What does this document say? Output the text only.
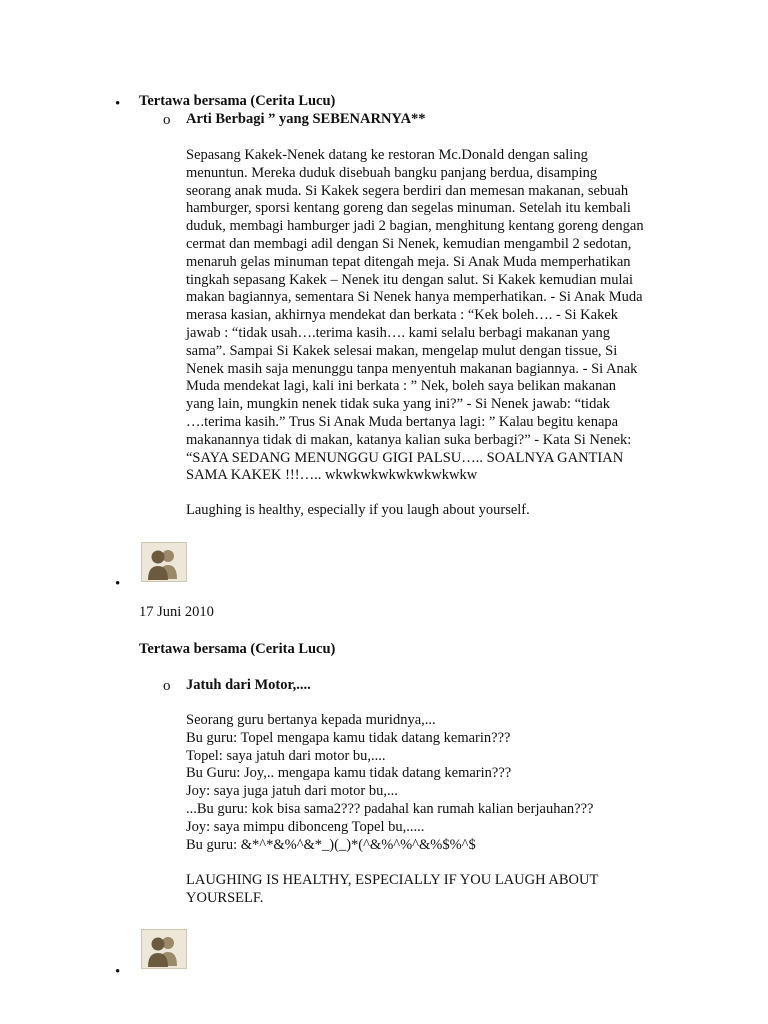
• Tertawa bersama (Cerita Lucu)
o Arti Berbagi ” yang SEBENARNYA**
Sepasang Kakek-Nenek datang ke restoran Mc.Donald dengan saling
menuntun. Mereka duduk disebuah bangku panjang berdua, disamping
seorang anak muda. Si Kakek segera berdiri dan memesan makanan, sebuah
hamburger, sporsi kentang goreng dan segelas minuman. Setelah itu kembali
duduk, membagi hamburger jadi 2 bagian, menghitung kentang goreng dengan
cermat dan membagi adil dengan Si Nenek, kemudian mengambil 2 sedotan,
menaruh gelas minuman tepat ditengah meja. Si Anak Muda memperhatikan
tingkah sepasang Kakek – Nenek itu dengan salut. Si Kakek kemudian mulai
makan bagiannya, sementara Si Nenek hanya memperhatikan. - Si Anak Muda
merasa kasian, akhirnya mendekat dan berkata : “Kek boleh…. - Si Kakek
jawab : “tidak usah….terima kasih…. kami selalu berbagi makanan yang
sama”. Sampai Si Kakek selesai makan, mengelap mulut dengan tissue, Si
Nenek masih saja menunggu tanpa menyentuh makanan bagiannya. - Si Anak
Muda mendekat lagi, kali ini berkata : ” Nek, boleh saya belikan makanan
yang lain, mungkin nenek tidak suka yang ini?” - Si Nenek jawab: “tidak
….terima kasih.” Trus Si Anak Muda bertanya lagi: ” Kalau begitu kenapa
makanannya tidak di makan, katanya kalian suka berbagi?” - Kata Si Nenek:
“SAYA SEDANG MENUNGGU GIGI PALSU….. SOALNYA GANTIAN
SAMA KAKEK !!!….. wkwkwkwkwkwkwkwkw
Laughing is healthy, especially if you laugh about yourself.
•
17 Juni 2010
Tertawa bersama (Cerita Lucu)
o Jatuh dari Motor,....
Seorang guru bertanya kepada muridnya,...
Bu guru: Topel mengapa kamu tidak datang kemarin???
Topel: saya jatuh dari motor bu,....
Bu Guru: Joy,.. mengapa kamu tidak datang kemarin???
Joy: saya juga jatuh dari motor bu,...
...Bu guru: kok bisa sama2??? padahal kan rumah kalian berjauhan???
Joy: saya mimpu dibonceng Topel bu,.....
Bu guru: &*^*&%^&*_)(_)*(^&%^%^&%$%^$
LAUGHING IS HEALTHY, ESPECIALLY IF YOU LAUGH ABOUT
YOURSELF.
•
